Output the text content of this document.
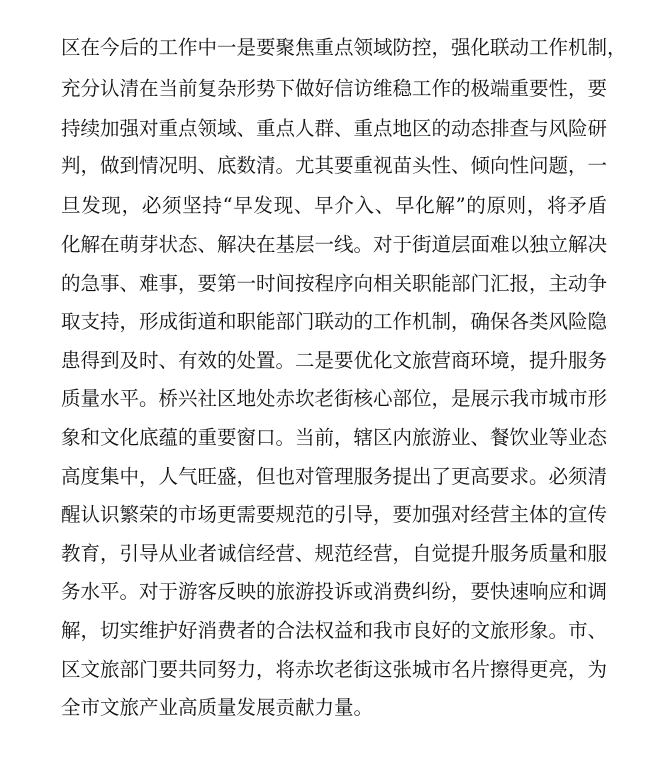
区在今后的工作中一是要聚焦重点领域防控，强化联动工作机制，
充分认清在当前复杂形势下做好信访维稳工作的极端重要性，要
持续加强对重点领域、重点人群、重点地区的动态排查与风险研
判，做到情况明、底数清。尤其要重视苗头性、倾向性问题，一
旦发现，必须坚持“早发现、早介入、早化解”的原则，将矛盾
化解在萌芽状态、解决在基层一线。对于街道层面难以独立解决
的急事、难事，要第一时间按程序向相关职能部门汇报，主动争
取支持，形成街道和职能部门联动的工作机制，确保各类风险隐
患得到及时、有效的处置。二是要优化文旅营商环境，提升服务
质量水平。桥兴社区地处赤坎老街核心部位，是展示我市城市形
象和文化底蕴的重要窗口。当前，辖区内旅游业、餐饮业等业态
高度集中，人气旺盛，但也对管理服务提出了更高要求。必须清
醒认识繁荣的市场更需要规范的引导，要加强对经营主体的宣传
教育，引导从业者诚信经营、规范经营，自觉提升服务质量和服
务水平。对于游客反映的旅游投诉或消费纠纷，要快速响应和调
解，切实维护好消费者的合法权益和我市良好的文旅形象。市、
区文旅部门要共同努力，将赤坎老街这张城市名片擦得更亮，为
全市文旅产业高质量发展贡献力量。
